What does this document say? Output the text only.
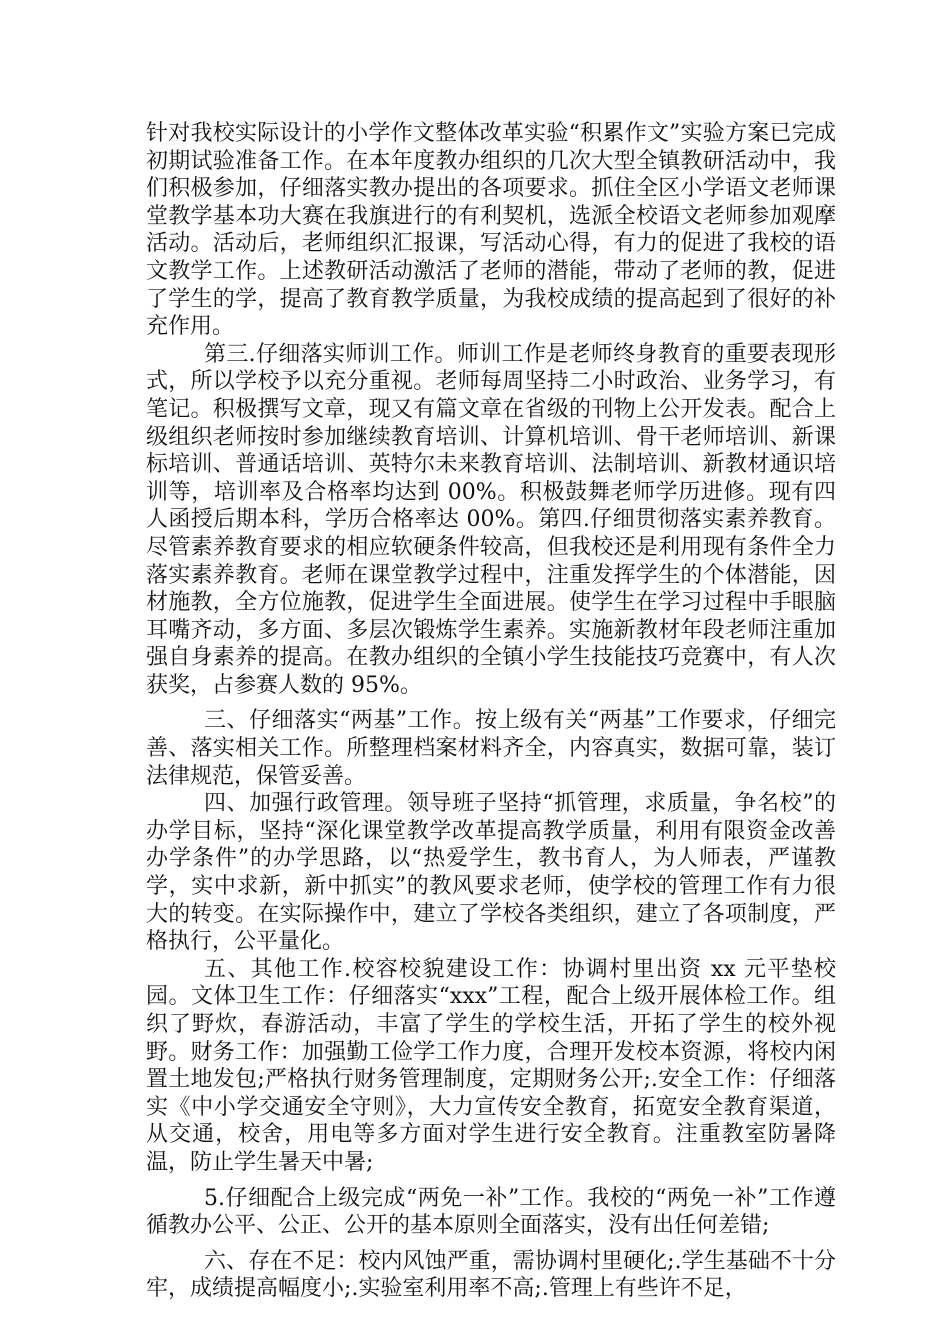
针对我校实际设计的小学作文整体改革实验“积累作文”实验方案已完成初期试验准备工作。在本年度教办组织的几次大型全镇教研活动中，我们积极参加，仔细落实教办提出的各项要求。抓住全区小学语文老师课堂教学基本功大赛在我旗进行的有利契机，选派全校语文老师参加观摩活动。活动后，老师组织汇报课，写活动心得，有力的促进了我校的语文教学工作。上述教研活动激活了老师的潜能，带动了老师的教，促进了学生的学，提高了教育教学质量，为我校成绩的提高起到了很好的补充作用。

第三.仔细落实师训工作。师训工作是老师终身教育的重要表现形式，所以学校予以充分重视。老师每周坚持二小时政治、业务学习，有笔记。积极撰写文章，现又有篇文章在省级的刊物上公开发表。配合上级组织老师按时参加继续教育培训、计算机培训、骨干老师培训、新课标培训、普通话培训、英特尔未来教育培训、法制培训、新教材通识培训等，培训率及合格率均达到 00%。积极鼓舞老师学历进修。现有四人函授后期本科，学历合格率达 00%。第四.仔细贯彻落实素养教育。尽管素养教育要求的相应软硬条件较高，但我校还是利用现有条件全力落实素养教育。老师在课堂教学过程中，注重发挥学生的个体潜能，因材施教，全方位施教，促进学生全面进展。使学生在学习过程中手眼脑耳嘴齐动，多方面、多层次锻炼学生素养。实施新教材年段老师注重加强自身素养的提高。在教办组织的全镇小学生技能技巧竞赛中，有人次获奖，占参赛人数的 95%。

三、仔细落实“两基”工作。按上级有关“两基”工作要求，仔细完善、落实相关工作。所整理档案材料齐全，内容真实，数据可靠，装订法律规范，保管妥善。

四、加强行政管理。领导班子坚持“抓管理，求质量，争名校”的办学目标，坚持“深化课堂教学改革提高教学质量，利用有限资金改善办学条件”的办学思路，以“热爱学生，教书育人，为人师表，严谨教学，实中求新，新中抓实”的教风要求老师，使学校的管理工作有力很大的转变。在实际操作中，建立了学校各类组织，建立了各项制度，严格执行，公平量化。

五、其他工作.校容校貌建设工作：协调村里出资 xx 元平垫校园。文体卫生工作：仔细落实“xxx”工程，配合上级开展体检工作。组织了野炊，春游活动，丰富了学生的学校生活，开拓了学生的校外视野。财务工作：加强勤工俭学工作力度，合理开发校本资源，将校内闲置土地发包;严格执行财务管理制度，定期财务公开;.安全工作：仔细落实《中小学交通安全守则》，大力宣传安全教育，拓宽安全教育渠道，从交通，校舍，用电等多方面对学生进行安全教育。注重教室防暑降温，防止学生暑天中暑;

5.仔细配合上级完成“两免一补”工作。我校的“两免一补”工作遵循教办公平、公正、公开的基本原则全面落实，没有出任何差错;

六、存在不足：校内风蚀严重，需协调村里硬化;.学生基础不十分牢，成绩提高幅度小;.实验室利用率不高;.管理上有些许不足，
